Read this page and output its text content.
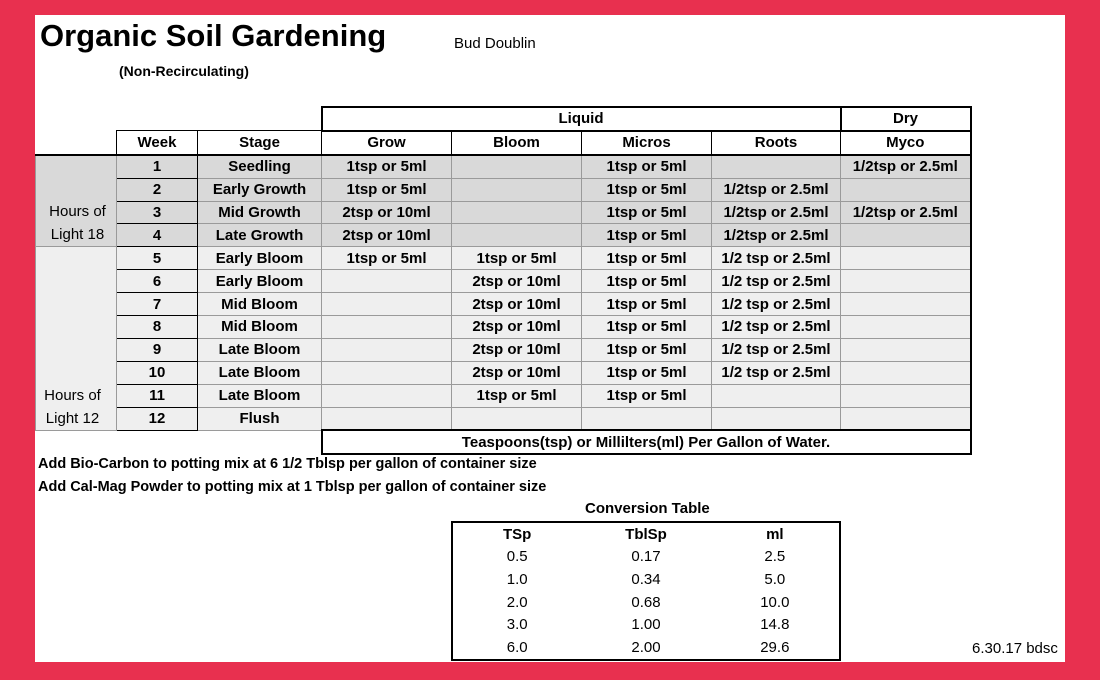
Organic Soil Gardening	Bud Doublin
(Non-Recirculating)
			Liquid				Dry
	Week	Stage	Grow	Bloom	Micros	Roots	Myco
Hours of Light 18	1	Seedling	1tsp or 5ml		1tsp or 5ml		1/2tsp or 2.5ml
	2	Early Growth	1tsp or 5ml		1tsp or 5ml	1/2tsp or 2.5ml	
	3	Mid Growth	2tsp or 10ml		1tsp or 5ml	1/2tsp or 2.5ml	1/2tsp or 2.5ml
	4	Late Growth	2tsp or 10ml		1tsp or 5ml	1/2tsp or 2.5ml	
Hours of Light 12	5	Early Bloom	1tsp or 5ml	1tsp or 5ml	1tsp or 5ml	1/2 tsp or 2.5ml	
	6	Early Bloom		2tsp or 10ml	1tsp or 5ml	1/2 tsp or 2.5ml	
	7	Mid Bloom		2tsp or 10ml	1tsp or 5ml	1/2 tsp or 2.5ml	
	8	Mid Bloom		2tsp or 10ml	1tsp or 5ml	1/2 tsp or 2.5ml	
	9	Late Bloom		2tsp or 10ml	1tsp or 5ml	1/2 tsp or 2.5ml	
	10	Late Bloom		2tsp or 10ml	1tsp or 5ml	1/2 tsp or 2.5ml	
	11	Late Bloom		1tsp or 5ml	1tsp or 5ml		
	12	Flush					
			Teaspoons(tsp) or Millilters(ml) Per Gallon of Water.				
Add Bio-Carbon to potting mix at 6 1/2 Tblsp per gallon of container size
Add Cal-Mag Powder to potting mix at 1 Tblsp per gallon of container size
Conversion Table
TSp	TblSp	ml
0.5	0.17	2.5
1.0	0.34	5.0
2.0	0.68	10.0
3.0	1.00	14.8
6.0	2.00	29.6	6.30.17 bdsc
